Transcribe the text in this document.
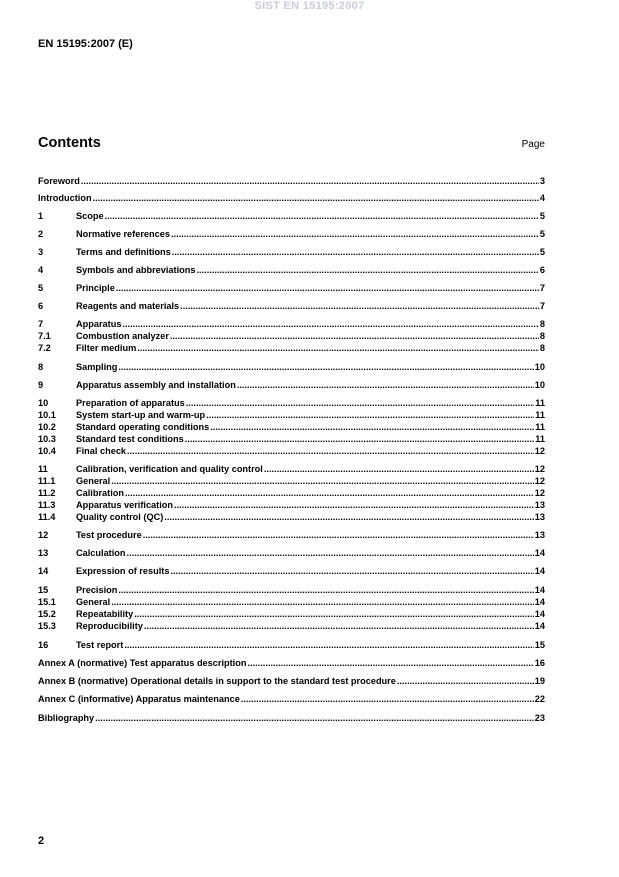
SIST EN 15195:2007
EN 15195:2007 (E)
Contents	Page
Foreword .....	3
Introduction .....	4
1	Scope .....	5
2	Normative references .....	5
3	Terms and definitions .....	5
4	Symbols and abbreviations .....	6
5	Principle .....	7
6	Reagents and materials .....	7
7	Apparatus .....	8
7.1	Combustion analyzer .....	8
7.2	Filter medium .....	8
8	Sampling .....	10
9	Apparatus assembly and installation .....	10
10	Preparation of apparatus .....	11
10.1	System start-up and warm-up .....	11
10.2	Standard operating conditions .....	11
10.3	Standard test conditions .....	11
10.4	Final check .....	12
11	Calibration, verification and quality control .....	12
11.1	General .....	12
11.2	Calibration .....	12
11.3	Apparatus verification .....	13
11.4	Quality control (QC) .....	13
12	Test procedure .....	13
13	Calculation .....	14
14	Expression of results .....	14
15	Precision .....	14
15.1	General .....	14
15.2	Repeatability .....	14
15.3	Reproducibility .....	14
16	Test report .....	15
Annex A (normative) Test apparatus description .....	16
Annex B (normative) Operational details in support to the standard test procedure .....	19
Annex C (informative) Apparatus maintenance .....	22
Bibliography .....	23
2
